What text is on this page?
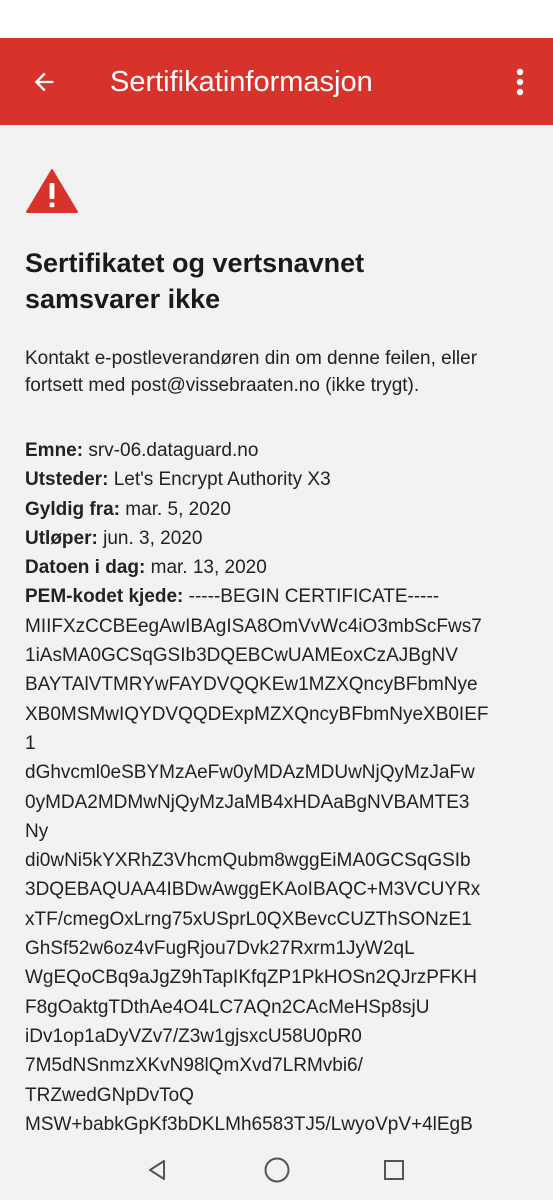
Sertifikatinformasjon
Sertifikatet og vertsnavnet
samsvarer ikke
Kontakt e-postleverandøren din om denne feilen, eller
fortsett med post@vissebraaten.no (ikke trygt).
Emne: srv-06.dataguard.no
Utsteder: Let's Encrypt Authority X3
Gyldig fra: mar. 5, 2020
Utløper: jun. 3, 2020
Datoen i dag: mar. 13, 2020
PEM-kodet kjede: -----BEGIN CERTIFICATE-----
MIIFXzCCBEegAwIBAgISA8OmVvWc4iO3mbScFws7
1iAsMA0GCSqGSIb3DQEBCwUAMEoxCzAJBgNV
BAYTAlVTMRYwFAYDVQQKEw1MZXQncyBFbmNye
XB0MSMwIQYDVQQDExpMZXQncyBFbmNyeXB0IEF
1
dGhvcml0eSBYMzAeFw0yMDAzMDUwNjQyMzJaFw
0yMDA2MDMwNjQyMzJaMB4xHDAaBgNVBAMTE3
Ny
di0wNi5kYXRhZ3VhcmQubm8wggEiMA0GCSqGSIb
3DQEBAQUAA4IBDwAwggEKAoIBAQC+M3VCUYRx
xTF/cmegOxLrng75xUSprL0QXBevcCUZThSONzE1
GhSf52w6oz4vFugRjou7Dvk27Rxrm1JyW2qL
WgEQoCBq9aJgZ9hTapIKfqZP1PkHOSn2QJrzPFKH
F8gOaktgTDthAe4O4LC7AQn2CAcMeHSp8sjU
iDv1op1aDyVZv7/Z3w1gjsxcU58U0pR0
7M5dNSnmzXKvN98lQmXvd7LRMvbi6/
TRZwedGNpDvToQ
MSW+babkGpKf3bDKLMh6583TJ5/LwyoVpV+4lEgB
